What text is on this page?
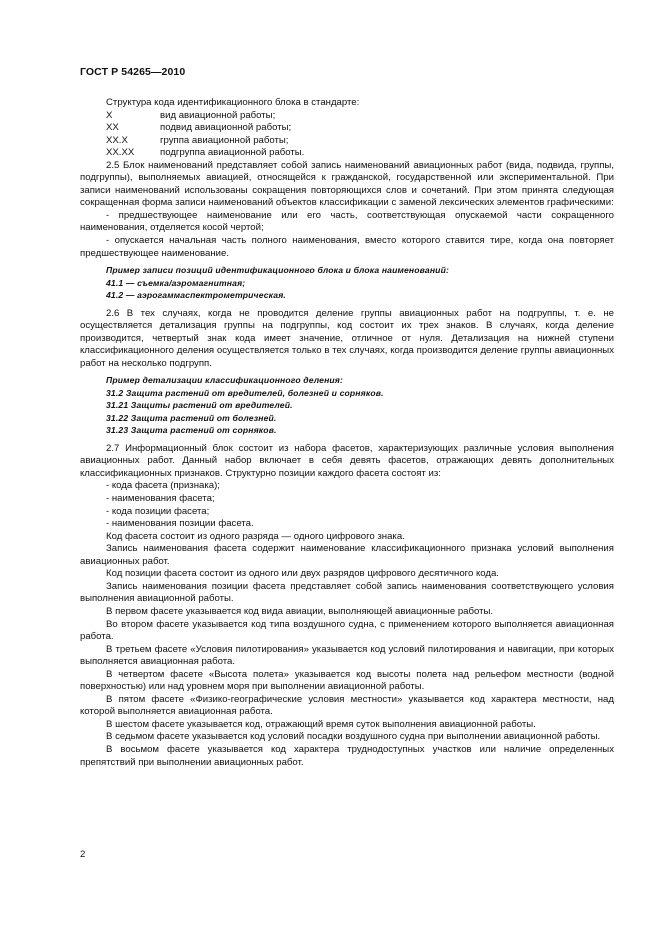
ГОСТ Р 54265—2010

Структура кода идентификационного блока в стандарте:

Х	вид авиационной работы;
ХХ	подвид авиационной работы;
ХХ.Х	группа авиационной работы;
ХХ.ХХ	подгруппа авиационной работы.

2.5 Блок наименований представляет собой запись наименований авиационных работ (вида, подвида, группы, подгруппы), выполняемых авиацией, относящейся к гражданской, государственной или экспериментальной. При записи наименований использованы сокращения повторяющихся слов и сочетаний. При этом принята следующая сокращенная форма записи наименований объектов классификации с заменой лексических элементов графическими:

- предшествующее наименование или его часть, соответствующая опускаемой части сокращенного наименования, отделяется косой чертой;

- опускается начальная часть полного наименования, вместо которого ставится тире, когда она повторяет предшествующее наименование.

Пример записи позиций идентификационного блока и блока наименований:
41.1 — съемка/аэромагнитная;
41.2 — аэрогаммаспектрометрическая.

2.6 В тех случаях, когда не проводится деление группы авиационных работ на подгруппы, т. е. не осуществляется детализация группы на подгруппы, код состоит их трех знаков. В случаях, когда деление производится, четвертый знак кода имеет значение, отличное от нуля. Детализация на нижней ступени классификационного деления осуществляется только в тех случаях, когда производится деление группы авиационных работ на несколько подгрупп.

Пример детализации классификационного деления:
31.2 Защита растений от вредителей, болезней и сорняков.
31.21 Защиты растений от вредителей.
31.22 Защита растений от болезней.
31.23 Защита растений от сорняков.

2.7 Информационный блок состоит из набора фасетов, характеризующих различные условия выполнения авиационных работ. Данный набор включает в себя девять фасетов, отражающих девять дополнительных классификационных признаков. Структурно позиции каждого фасета состоят из:

- кода фасета (признака);

- наименования фасета;

- кода позиции фасета;

- наименования позиции фасета.

Код фасета состоит из одного разряда — одного цифрового знака.

Запись наименования фасета содержит наименование классификационного признака условий выполнения авиационных работ.

Код позиции фасета состоит из одного или двух разрядов цифрового десятичного кода.

Запись наименования позиции фасета представляет собой запись наименования соответствующего условия выполнения авиационной работы.

В первом фасете указывается код вида авиации, выполняющей авиационные работы.

Во втором фасете указывается код типа воздушного судна, с применением которого выполняется авиационная работа.

В третьем фасете «Условия пилотирования» указывается код условий пилотирования и навигации, при которых выполняется авиационная работа.

В четвертом фасете «Высота полета» указывается код высоты полета над рельефом местности (водной поверхностью) или над уровнем моря при выполнении авиационной работы.

В пятом фасете «Физико-географические условия местности» указывается код характера местности, над которой выполняется авиационная работа.

В шестом фасете указывается код, отражающий время суток выполнения авиационной работы.

В седьмом фасете указывается код условий посадки воздушного судна при выполнении авиационной работы.

В восьмом фасете указывается код характера труднодоступных участков или наличие определенных препятствий при выполнении авиационных работ.

2
